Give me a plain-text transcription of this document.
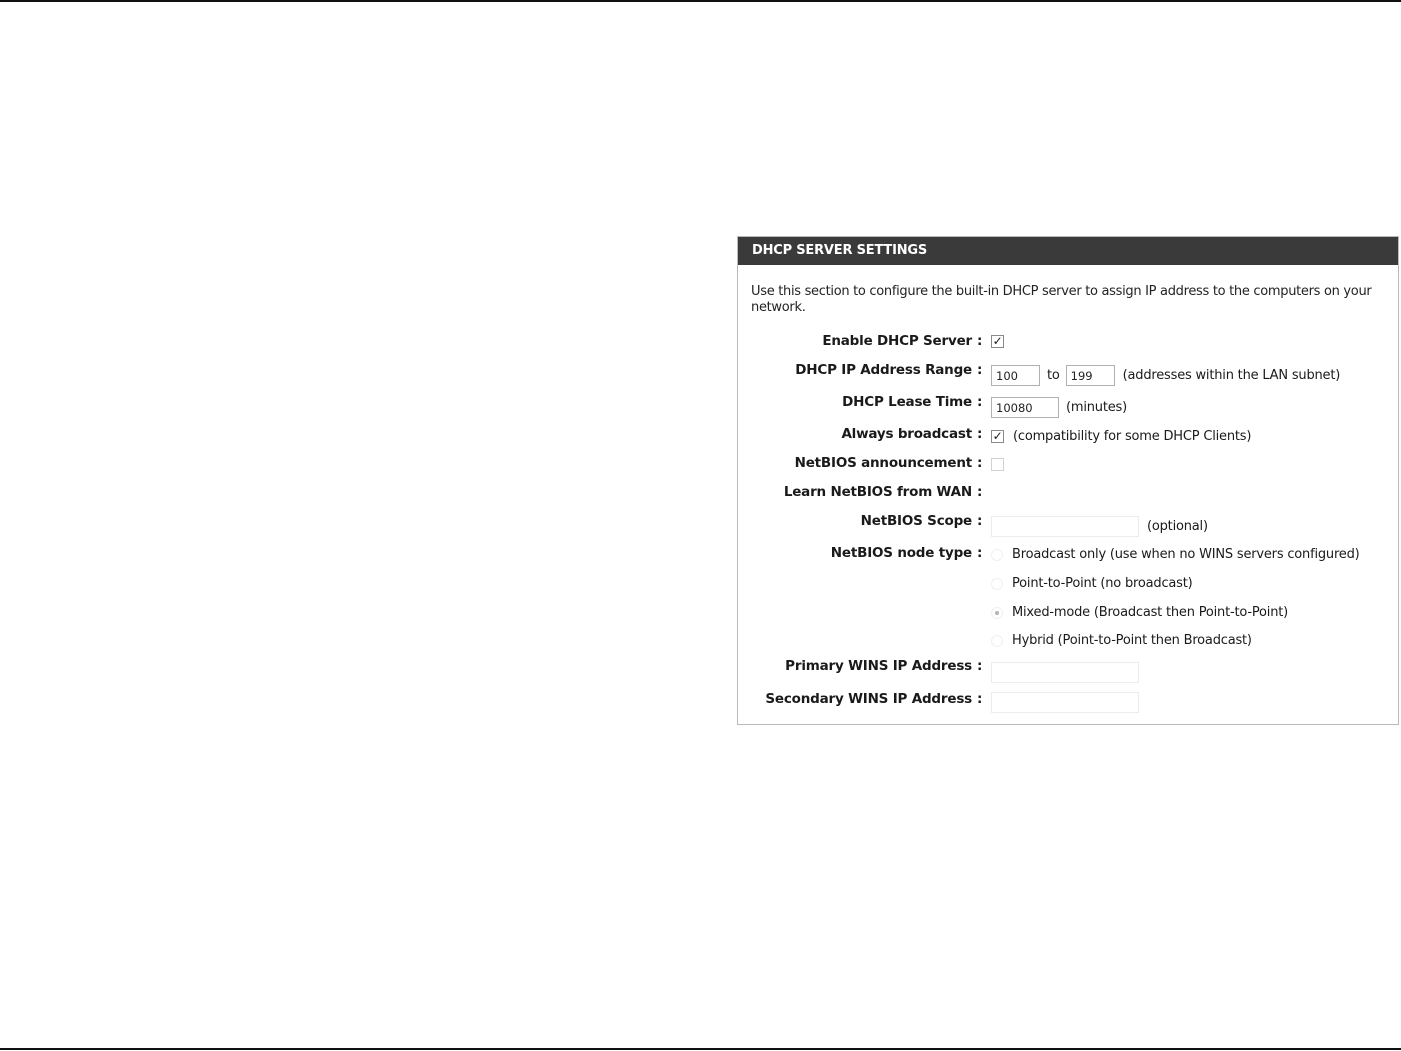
DHCP SERVER SETTINGS
Use this section to configure the built-in DHCP server to assign IP address to the computers on your network.
Enable DHCP Server : ✓
DHCP IP Address Range :
100	to
199	(addresses within the LAN subnet)
DHCP Lease Time :
10080	(minutes)
Always broadcast : ✓ (compatibility for some DHCP Clients)
NetBIOS announcement :
Learn NetBIOS from WAN :
NetBIOS Scope :	(optional)
NetBIOS node type : Broadcast only (use when no WINS servers configured)
Point-to-Point (no broadcast)
Mixed-mode (Broadcast then Point-to-Point)
Hybrid (Point-to-Point then Broadcast)
Primary WINS IP Address :
Secondary WINS IP Address :
